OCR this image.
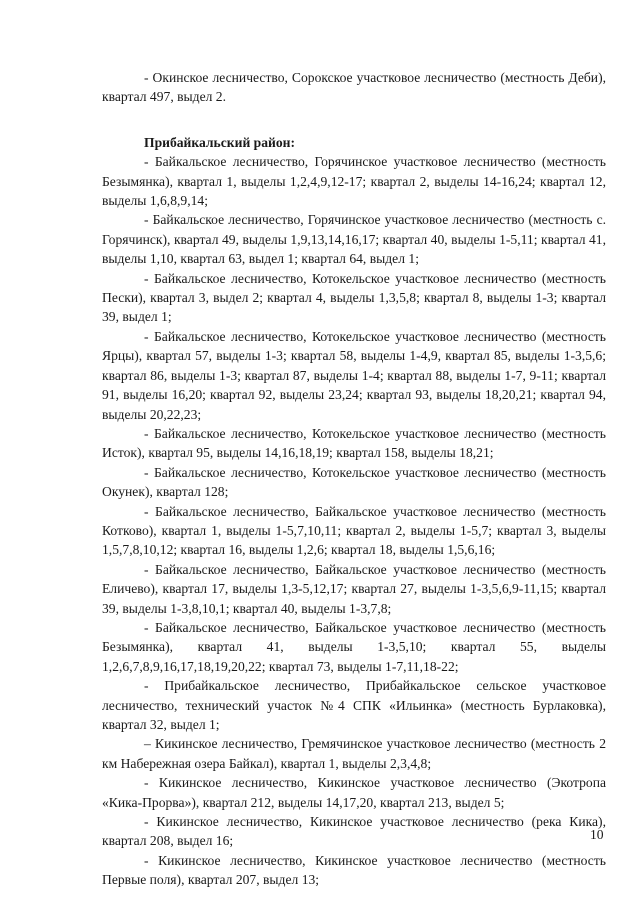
- Окинское лесничество, Сорокское участковое лесничество (местность Деби), квартал 497, выдел 2.

Прибайкальский район:

- Байкальское лесничество, Горячинское участковое лесничество (местность Безымянка), квартал 1, выделы 1,2,4,9,12-17; квартал 2, выделы 14-16,24; квартал 12, выделы 1,6,8,9,14;

- Байкальское лесничество, Горячинское участковое лесничество (местность с. Горячинск), квартал 49, выделы 1,9,13,14,16,17; квартал 40, выделы 1-5,11; квартал 41, выделы 1,10, квартал 63, выдел 1; квартал 64, выдел 1;

- Байкальское лесничество, Котокельское участковое лесничество (местность Пески), квартал 3, выдел 2; квартал 4, выделы 1,3,5,8; квартал 8, выделы 1-3; квартал 39, выдел 1;

- Байкальское лесничество, Котокельское участковое лесничество (местность Ярцы), квартал 57, выделы 1-3; квартал 58, выделы 1-4,9, квартал 85, выделы 1-3,5,6; квартал 86, выделы 1-3; квартал 87, выделы 1-4; квартал 88, выделы 1-7, 9-11; квартал 91, выделы 16,20; квартал 92, выделы 23,24; квартал 93, выделы 18,20,21; квартал 94, выделы 20,22,23;

- Байкальское лесничество, Котокельское участковое лесничество (местность Исток), квартал 95, выделы 14,16,18,19; квартал 158, выделы 18,21;

- Байкальское лесничество, Котокельское участковое лесничество (местность Окунек), квартал 128;

- Байкальское лесничество, Байкальское участковое лесничество (местность Котково), квартал 1, выделы 1-5,7,10,11; квартал 2, выделы 1-5,7; квартал 3, выделы 1,5,7,8,10,12; квартал 16, выделы 1,2,6; квартал 18, выделы 1,5,6,16;

- Байкальское лесничество, Байкальское участковое лесничество (местность Еличево), квартал 17, выделы 1,3-5,12,17; квартал 27, выделы 1-3,5,6,9-11,15; квартал 39, выделы 1-3,8,10,1; квартал 40, выделы 1-3,7,8;

- Байкальское лесничество, Байкальское участковое лесничество (местность Безымянка), квартал 41, выделы 1-3,5,10; квартал 55, выделы 1,2,6,7,8,9,16,17,18,19,20,22; квартал 73, выделы 1-7,11,18-22;

- Прибайкальское лесничество, Прибайкальское сельское участковое лесничество, технический участок №4 СПК «Ильинка» (местность Бурлаковка), квартал 32, выдел 1;

– Кикинское лесничество, Гремячинское участковое лесничество (местность 2 км Набережная озера Байкал), квартал 1, выделы 2,3,4,8;

- Кикинское лесничество, Кикинское участковое лесничество (Экотропа «Кика-Прорва»), квартал 212, выделы 14,17,20, квартал 213, выдел 5;

- Кикинское лесничество, Кикинское участковое лесничество (река Кика), квартал 208, выдел 16;

- Кикинское лесничество, Кикинское участковое лесничество (местность Первые поля), квартал 207, выдел 13;

10
